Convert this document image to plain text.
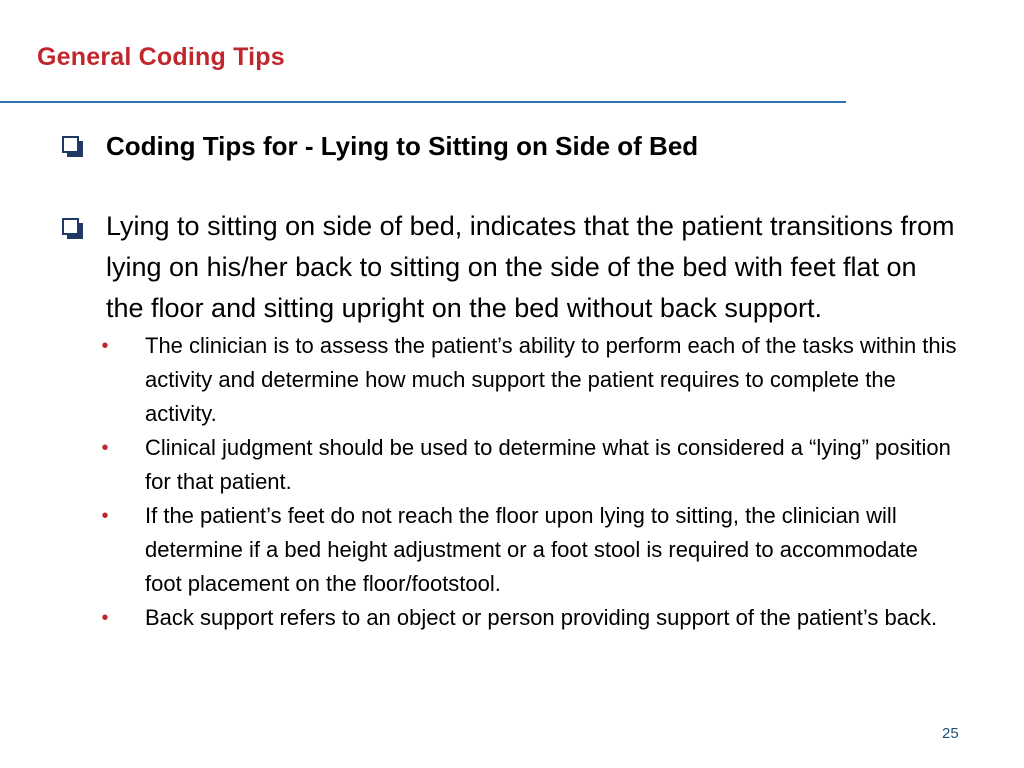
General Coding Tips
Coding Tips for - Lying to Sitting on Side of Bed
Lying to sitting on side of bed, indicates that the patient transitions from lying on his/her back to sitting on the side of the bed with feet flat on the floor and sitting upright on the bed without back support.
• The clinician is to assess the patient’s ability to perform each of the tasks within this activity and determine how much support the patient requires to complete the activity.
• Clinical judgment should be used to determine what is considered a “lying” position for that patient.
• If the patient’s feet do not reach the floor upon lying to sitting, the clinician will determine if a bed height adjustment or a foot stool is required to accommodate foot placement on the floor/footstool.
• Back support refers to an object or person providing support of the patient’s back.
25
